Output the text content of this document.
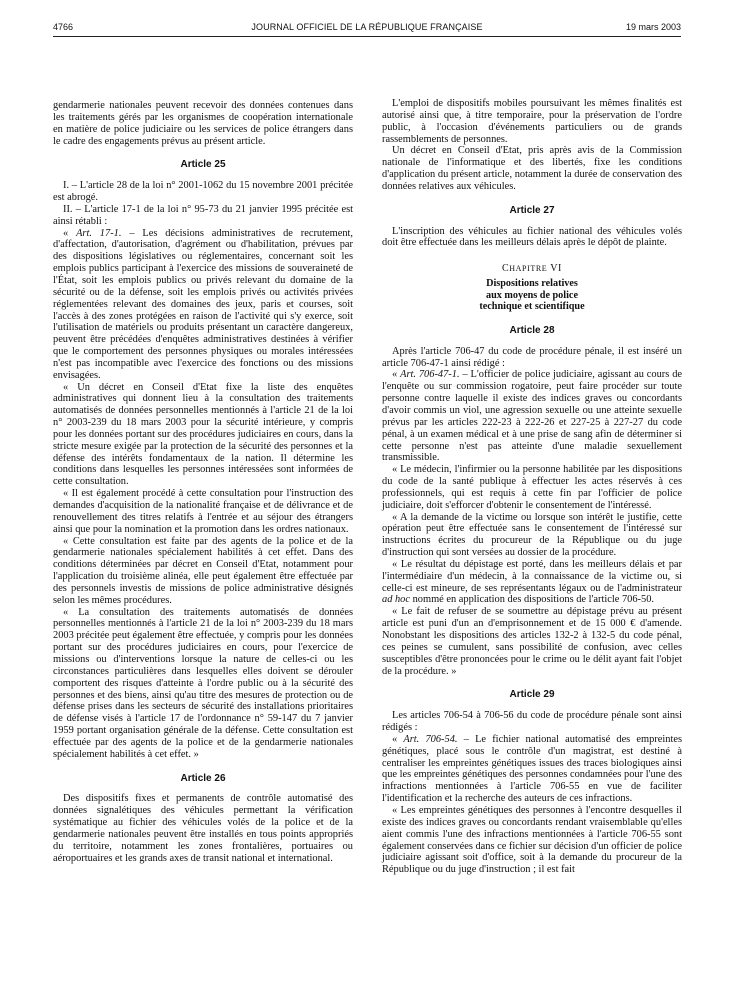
4766	JOURNAL OFFICIEL DE LA RÉPUBLIQUE FRANÇAISE	19 mars 2003

gendarmerie nationales peuvent recevoir des données contenues dans les traitements gérés par les organismes de coopération internationale en matière de police judiciaire ou les services de police étrangers dans le cadre des engagements prévus au présent article.

Article 25

I. – L'article 28 de la loi n° 2001-1062 du 15 novembre 2001 précitée est abrogé.

II. – L'article 17-1 de la loi n° 95-73 du 21 janvier 1995 précitée est ainsi rétabli :

« Art. 17-1. – Les décisions administratives de recrutement, d'affectation, d'autorisation, d'agrément ou d'habilitation, prévues par des dispositions législatives ou réglementaires, concernant soit les emplois publics participant à l'exercice des missions de souveraineté de l'État, soit les emplois publics ou privés relevant du domaine de la sécurité ou de la défense, soit les emplois privés ou activités privées réglementées relevant des domaines des jeux, paris et courses, soit l'accès à des zones protégées en raison de l'activité qui s'y exerce, soit l'utilisation de matériels ou produits présentant un caractère dangereux, peuvent être précédées d'enquêtes administratives destinées à vérifier que le comportement des personnes physiques ou morales intéressées n'est pas incompatible avec l'exercice des fonctions ou des missions envisagées.

« Un décret en Conseil d'Etat fixe la liste des enquêtes administratives qui donnent lieu à la consultation des traitements automatisés de données personnelles mentionnés à l'article 21 de la loi n° 2003-239 du 18 mars 2003 pour la sécurité intérieure, y compris pour les données portant sur des procédures judiciaires en cours, dans la stricte mesure exigée par la protection de la sécurité des personnes et la défense des intérêts fondamentaux de la nation. Il détermine les conditions dans lesquelles les personnes intéressées sont informées de cette consultation.

« Il est également procédé à cette consultation pour l'instruction des demandes d'acquisition de la nationalité française et de délivrance et de renouvellement des titres relatifs à l'entrée et au séjour des étrangers ainsi que pour la nomination et la promotion dans les ordres nationaux.

« Cette consultation est faite par des agents de la police et de la gendarmerie nationales spécialement habilités à cet effet. Dans des conditions déterminées par décret en Conseil d'Etat, notamment pour l'application du troisième alinéa, elle peut également être effectuée par des personnels investis de missions de police administrative désignés selon les mêmes procédures.

« La consultation des traitements automatisés de données personnelles mentionnés à l'article 21 de la loi n° 2003-239 du 18 mars 2003 précitée peut également être effectuée, y compris pour les données portant sur des procédures judiciaires en cours, pour l'exercice de missions ou d'interventions lorsque la nature de celles-ci ou les circonstances particulières dans lesquelles elles doivent se dérouler comportent des risques d'atteinte à l'ordre public ou à la sécurité des personnes et des biens, ainsi qu'au titre des mesures de protection ou de défense prises dans les secteurs de sécurité des installations prioritaires de défense visés à l'article 17 de l'ordonnance n° 59-147 du 7 janvier 1959 portant organisation générale de la défense. Cette consultation est effectuée par des agents de la police et de la gendarmerie nationales spécialement habilités à cet effet. »

Article 26

Des dispositifs fixes et permanents de contrôle automatisé des données signalétiques des véhicules permettant la vérification systématique au fichier des véhicules volés de la police et de la gendarmerie nationales peuvent être installés en tous points appropriés du territoire, notamment les zones frontalières, portuaires ou aéroportuaires et les grands axes de transit national et international.

L'emploi de dispositifs mobiles poursuivant les mêmes finalités est autorisé ainsi que, à titre temporaire, pour la préservation de l'ordre public, à l'occasion d'événements particuliers ou de grands rassemblements de personnes.

Un décret en Conseil d'Etat, pris après avis de la Commission nationale de l'informatique et des libertés, fixe les conditions d'application du présent article, notamment la durée de conservation des données relatives aux véhicules.

Article 27

L'inscription des véhicules au fichier national des véhicules volés doit être effectuée dans les meilleurs délais après le dépôt de plainte.

CHAPITRE VI
Dispositions relatives
aux moyens de police
technique et scientifique
Article 28

Après l'article 706-47 du code de procédure pénale, il est inséré un article 706-47-1 ainsi rédigé :

« Art. 706-47-1. – L'officier de police judiciaire, agissant au cours de l'enquête ou sur commission rogatoire, peut faire procéder sur toute personne contre laquelle il existe des indices graves ou concordants d'avoir commis un viol, une agression sexuelle ou une atteinte sexuelle prévus par les articles 222-23 à 222-26 et 227-25 à 227-27 du code pénal, à un examen médical et à une prise de sang afin de déterminer si cette personne n'est pas atteinte d'une maladie sexuellement transmissible.

« Le médecin, l'infirmier ou la personne habilitée par les dispositions du code de la santé publique à effectuer les actes réservés à ces professionnels, qui est requis à cette fin par l'officier de police judiciaire, doit s'efforcer d'obtenir le consentement de l'intéressé.

« A la demande de la victime ou lorsque son intérêt le justifie, cette opération peut être effectuée sans le consentement de l'intéressé sur instructions écrites du procureur de la République ou du juge d'instruction qui sont versées au dossier de la procédure.

« Le résultat du dépistage est porté, dans les meilleurs délais et par l'intermédiaire d'un médecin, à la connaissance de la victime ou, si celle-ci est mineure, de ses représentants légaux ou de l'administrateur ad hoc nommé en application des dispositions de l'article 706-50.

« Le fait de refuser de se soumettre au dépistage prévu au présent article est puni d'un an d'emprisonnement et de 15 000 € d'amende. Nonobstant les dispositions des articles 132-2 à 132-5 du code pénal, ces peines se cumulent, sans possibilité de confusion, avec celles susceptibles d'être prononcées pour le crime ou le délit ayant fait l'objet de la procédure. »

Article 29

Les articles 706-54 à 706-56 du code de procédure pénale sont ainsi rédigés :

« Art. 706-54. – Le fichier national automatisé des empreintes génétiques, placé sous le contrôle d'un magistrat, est destiné à centraliser les empreintes génétiques issues des traces biologiques ainsi que les empreintes génétiques des personnes condamnées pour l'une des infractions mentionnées à l'article 706-55 en vue de faciliter l'identification et la recherche des auteurs de ces infractions.

« Les empreintes génétiques des personnes à l'encontre desquelles il existe des indices graves ou concordants rendant vraisemblable qu'elles aient commis l'une des infractions mentionnées à l'article 706-55 sont également conservées dans ce fichier sur décision d'un officier de police judiciaire agissant soit d'office, soit à la demande du procureur de la République ou du juge d'instruction ; il est fait
